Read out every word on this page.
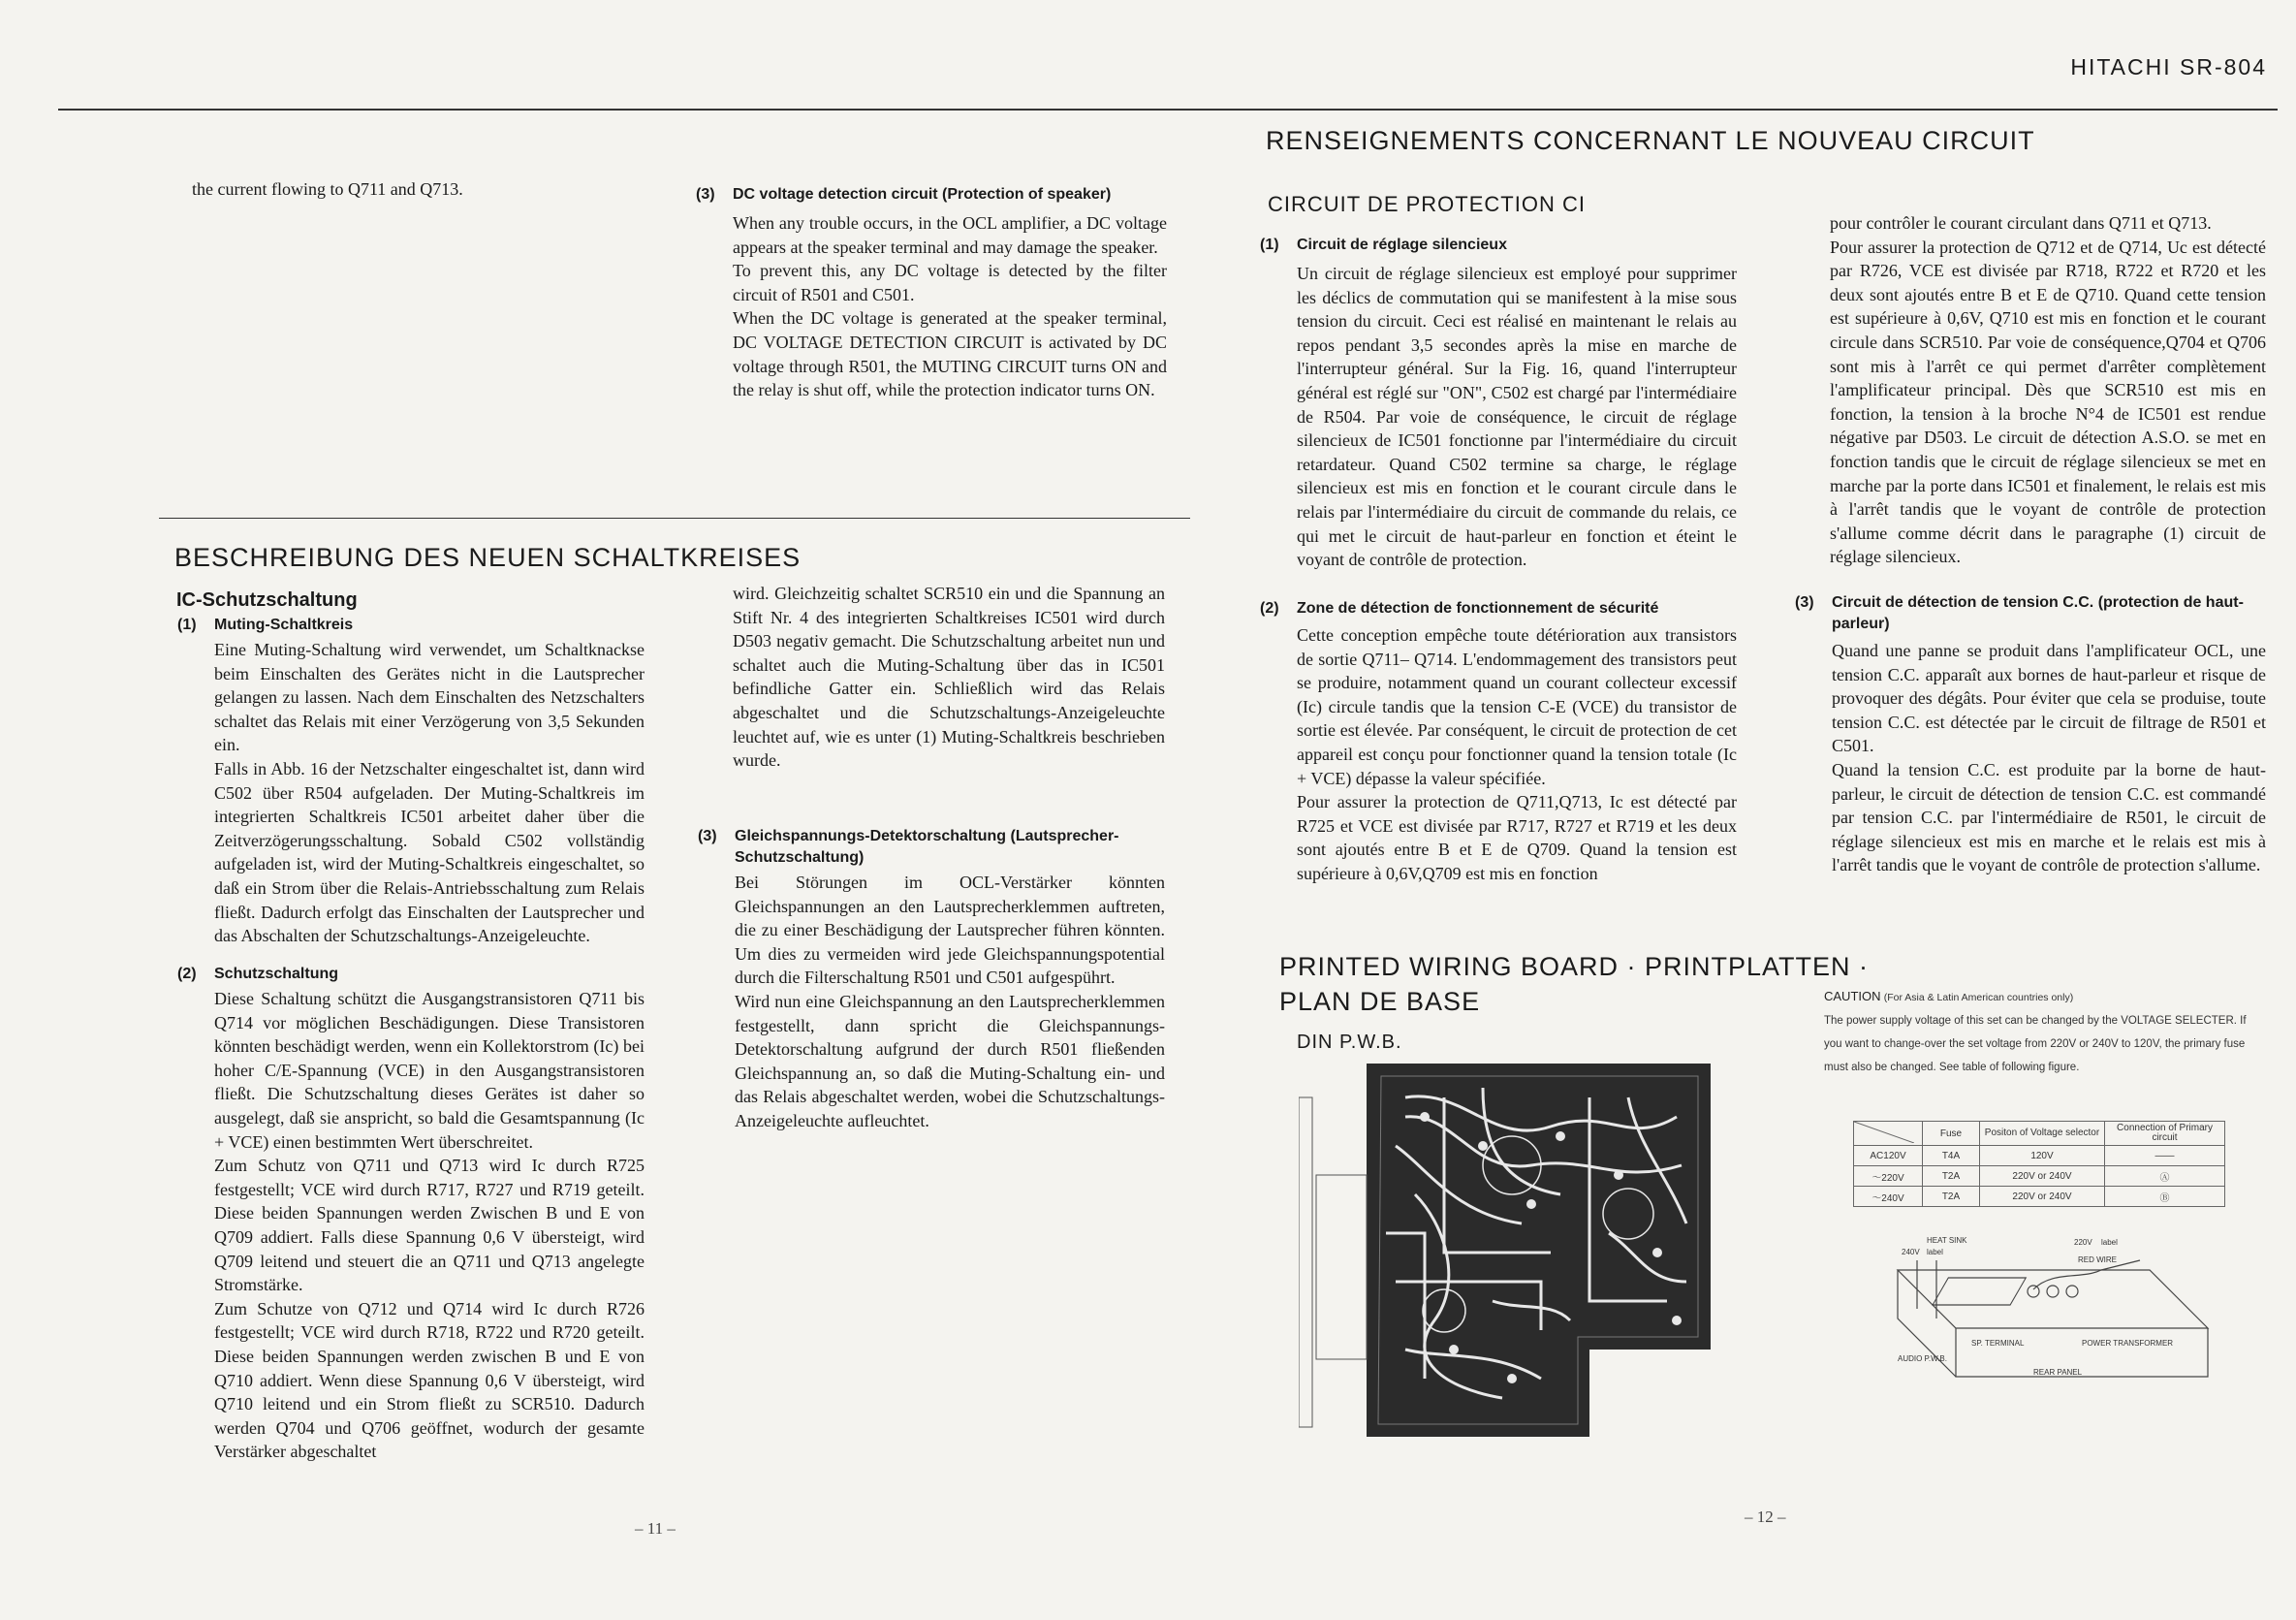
HITACHI SR-804
the current flowing to Q711 and Q713.	(3) DC voltage detection circuit (Protection of speaker)
When any trouble occurs, in the OCL amplifier, a DC voltage appears at the speaker terminal and may damage the speaker.
To prevent this, any DC voltage is detected by the filter circuit of R501 and C501.
When the DC voltage is generated at the speaker terminal, DC VOLTAGE DETECTION CIRCUIT is activated by DC voltage through R501, the MUTING CIRCUIT turns ON and the relay is shut off, while the protection indicator turns ON.
BESCHREIBUNG DES NEUEN SCHALTKREISES
IC-Schutzschaltung
(1) Muting-Schaltkreis
Eine Muting-Schaltung wird verwendet, um Schaltknackse beim Einschalten des Gerätes nicht in die Lautsprecher gelangen zu lassen. Nach dem Einschalten des Netzschalters schaltet das Relais mit einer Verzögerung von 3,5 Sekunden ein.
Falls in Abb. 16 der Netzschalter eingeschaltet ist, dann wird C502 über R504 aufgeladen. Der Muting-Schaltkreis im integrierten Schaltkreis IC501 arbeitet daher über die Zeitverzögerungsschaltung. Sobald C502 vollständig aufgeladen ist, wird der Muting-Schaltkreis eingeschaltet, so daß ein Strom über die Relais-Antriebsschaltung zum Relais fließt. Dadurch erfolgt das Einschalten der Lautsprecher und das Abschalten der Schutzschaltungs-Anzeigeleuchte.
(2) Schutzschaltung
Diese Schaltung schützt die Ausgangstransistoren Q711 bis Q714 vor möglichen Beschädigungen. Diese Transistoren könnten beschädigt werden, wenn ein Kollektorstrom (Ic) bei hoher C/E-Spannung (VCE) in den Ausgangstransistoren fließt. Die Schutzschaltung dieses Gerätes ist daher so ausgelegt, daß sie anspricht, so bald die Gesamtspannung (Ic + VCE) einen bestimmten Wert überschreitet.
Zum Schutz von Q711 und Q713 wird Ic durch R725 festgestellt; VCE wird durch R717, R727 und R719 geteilt. Diese beiden Spannungen werden Zwischen B und E von Q709 addiert. Falls diese Spannung 0,6 V übersteigt, wird Q709 leitend und steuert die an Q711 und Q713 angelegte Stromstärke.
Zum Schutze von Q712 und Q714 wird Ic durch R726 festgestellt; VCE wird durch R718, R722 und R720 geteilt. Diese beiden Spannungen werden zwischen B und E von Q710 addiert. Wenn diese Spannung 0,6 V übersteigt, wird Q710 leitend und ein Strom fließt zu SCR510. Dadurch werden Q704 und Q706 geöffnet, wodurch der gesamte Verstärker abgeschaltet
wird. Gleichzeitig schaltet SCR510 ein und die Spannung an Stift Nr. 4 des integrierten Schaltkreises IC501 wird durch D503 negativ gemacht. Die Schutzschaltung arbeitet nun und schaltet auch die Muting-Schaltung über das in IC501 befindliche Gatter ein. Schließlich wird das Relais abgeschaltet und die Schutzschaltungs-Anzeigeleuchte leuchtet auf, wie es unter (1) Muting-Schaltkreis beschrieben wurde.
(3)	Gleichspannungs-Detektorschaltung (Lautsprecher-Schutzschaltung)
Bei Störungen im OCL-Verstärker könnten Gleichspannungen an den Lautsprecherklemmen auftreten, die zu einer Beschädigung der Lautsprecher führen könnten. Um dies zu vermeiden wird jede Gleichspannungspotential durch die Filterschaltung R501 und C501 aufgespührt.
Wird nun eine Gleichspannung an den Lautsprecherklemmen festgestellt, dann spricht die Gleichspannungs-Detektorschaltung aufgrund der durch R501 fließenden Gleichspannung an, so daß die Muting-Schaltung ein- und das Relais abgeschaltet werden, wobei die Schutzschaltungs-Anzeigeleuchte aufleuchtet.
– 11 –
RENSEIGNEMENTS CONCERNANT LE NOUVEAU CIRCUIT
CIRCUIT DE PROTECTION CI
(1) Circuit de réglage silencieux
Un circuit de réglage silencieux est employé pour supprimer les déclics de commutation qui se manifestent à la mise sous tension du circuit. Ceci est réalisé en maintenant le relais au repos pendant 3,5 secondes après la mise en marche de l'interrupteur général. Sur la Fig. 16, quand l'interrupteur général est réglé sur "ON", C502 est chargé par l'intermédiaire de R504. Par voie de conséquence, le circuit de réglage silencieux de IC501 fonctionne par l'intermédiaire du circuit retardateur. Quand C502 termine sa charge, le réglage silencieux est mis en fonction et le courant circule dans le relais par l'intermédiaire du circuit de commande du relais, ce qui met le circuit de haut-parleur en fonction et éteint le voyant de contrôle de protection.
(2) Zone de détection de fonctionnement de sécurité
Cette conception empêche toute détérioration aux transistors de sortie Q711– Q714. L'endommagement des transistors peut se produire, notamment quand un courant collecteur excessif (Ic) circule tandis que la tension C-E (VCE) du transistor de sortie est élevée. Par conséquent, le circuit de protection de cet appareil est conçu pour fonctionner quand la tension totale (Ic + VCE) dépasse la valeur spécifiée.
Pour assurer la protection de Q711,Q713, Ic est détecté par R725 et VCE est divisée par R717, R727 et R719 et les deux sont ajoutés entre B et E de Q709. Quand la tension est supérieure à 0,6V,Q709 est mis en fonction
pour contrôler le courant circulant dans Q711 et Q713.
Pour assurer la protection de Q712 et de Q714, Uc est détecté par R726, VCE est divisée par R718, R722 et R720 et les deux sont ajoutés entre B et E de Q710. Quand cette tension est supérieure à 0,6V, Q710 est mis en fonction et le courant circule dans SCR510. Par voie de conséquence,Q704 et Q706 sont mis à l'arrêt ce qui permet d'arrêter complètement l'amplificateur principal. Dès que SCR510 est mis en fonction, la tension à la broche N°4 de IC501 est rendue négative par D503. Le circuit de détection A.S.O. se met en fonction tandis que le circuit de réglage silencieux se met en marche par la porte dans IC501 et finalement, le relais est mis à l'arrêt tandis que le voyant de contrôle de protection s'allume comme décrit dans le paragraphe (1) circuit de réglage silencieux.
(3)	Circuit de détection de tension C.C. (protection de haut-parleur)
Quand une panne se produit dans l'amplificateur OCL, une tension C.C. apparaît aux bornes de haut-parleur et risque de provoquer des dégâts. Pour éviter que cela se produise, toute tension C.C. est détectée par le circuit de filtrage de R501 et C501.
Quand la tension C.C. est produite par la borne de haut-parleur, le circuit de détection de tension C.C. est commandé par tension C.C. par l'intermédiaire de R501, le circuit de réglage silencieux est mis en marche et le relais est mis à l'arrêt tandis que le voyant de contrôle de protection s'allume.
PRINTED WIRING BOARD · PRINTPLATTEN ·
PLAN DE BASE
DIN P.W.B.
CAUTION (For Asia & Latin American countries only)
The power supply voltage of this set can be changed by the VOLTAGE SELECTER. If you want to change-over the set voltage from 220V or 240V to 120V, the primary fuse must also be changed. See table of following figure.
	Fuse	Positon of Voltage selector	Connection of Primary circuit
AC120V	T4A	120V	——
～220V	T2A	220V or 240V	Ⓐ
～240V	T2A	220V or 240V	Ⓑ
HEAT SINK
240V label
220V label
RED WIRE
SP. TERMINAL	POWER TRANSFORMER
AUDIO P.W.B.
REAR PANEL
– 12 –
